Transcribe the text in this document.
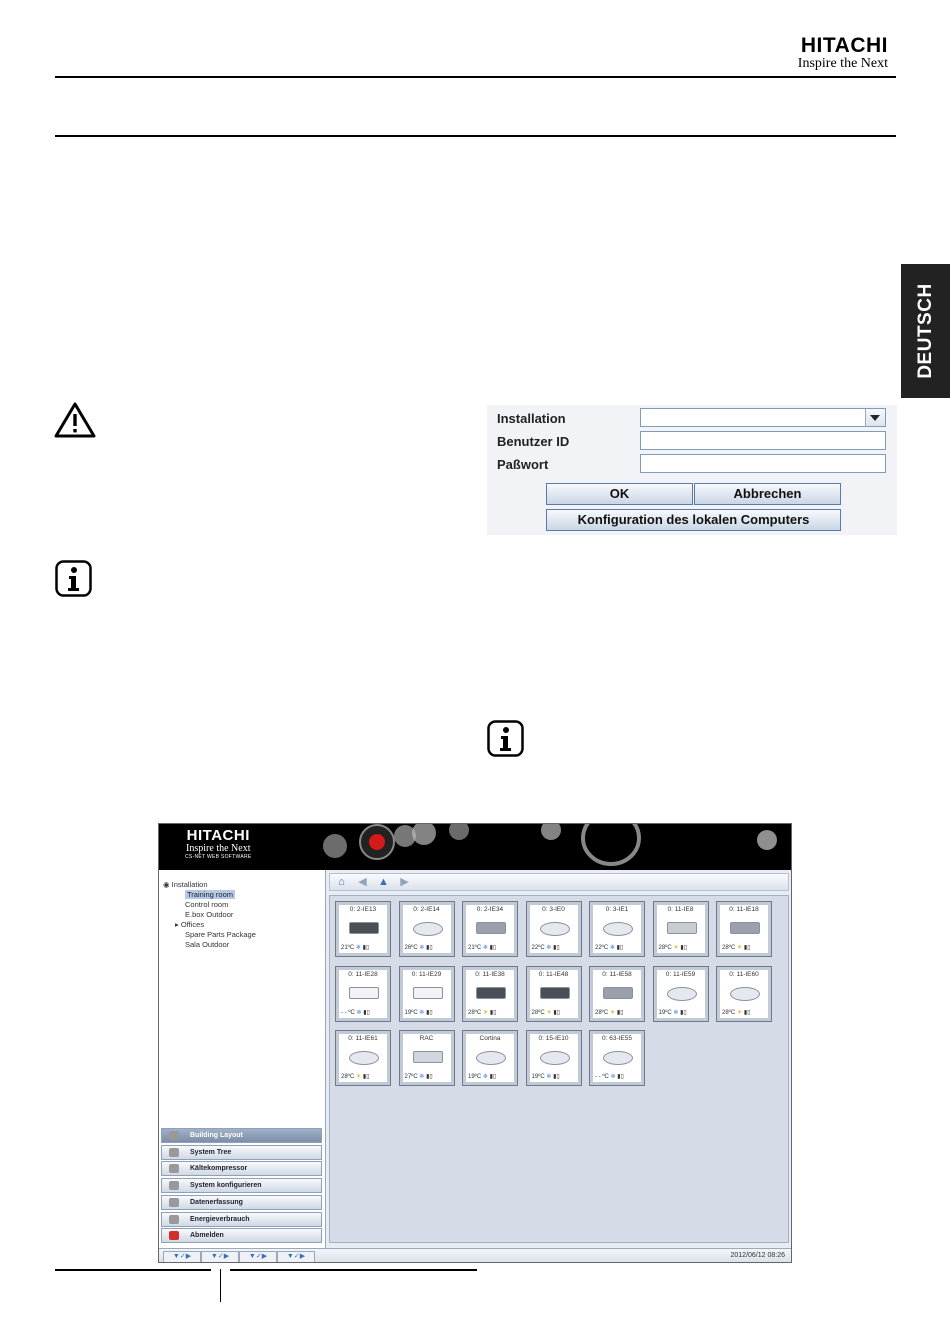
HITACHI
Inspire the Next
DEUTSCH
Installation
Benutzer ID
Paßwort
OK	Abbrechen
Konfiguration des lokalen Computers
HITACHI
Inspire the Next
CS-NET WEB SOFTWARE
◉ Installation
Training room
Control room
E.box Outdoor
▸ Offices
Spare Parts Package
Sala Outdoor
Building Layout
System Tree
Kältekompressor
System konfigurieren
Datenerfassung
Energieverbrauch
Abmelden
⌂ ◀ ▲ ▶
0: 2-IE13
21ºC ❄ ▮▯
0: 2-IE14
26ºC ❄ ▮▯
0: 2-IE34
21ºC ❄ ▮▯
0: 3-IE0
22ºC ❄ ▮▯
0: 3-IE1
22ºC ❄ ▮▯
0: 11-IE8
28ºC ☀ ▮▯
0: 11-IE18
28ºC ☀ ▮▯
0: 11-IE28
- - ºC ❄ ▮▯
0: 11-IE29
19ºC ❄ ▮▯
0: 11-IE38
28ºC ☀ ▮▯
0: 11-IE48
28ºC ☀ ▮▯
0: 11-IE58
28ºC ☀ ▮▯
0: 11-IE59
19ºC ❄ ▮▯
0: 11-IE60
28ºC ☀ ▮▯
0: 11-IE61
28ºC ☀ ▮▯
RAC
27ºC ❄ ▮▯
Cortina
19ºC ❄ ▮▯
0: 15-IE10
19ºC ❄ ▮▯
0: 63-IE55
- - ºC ❄ ▮▯
▼✓▶	▼✓▶	▼✓▶	▼✓▶	2012/06/12 08:26
